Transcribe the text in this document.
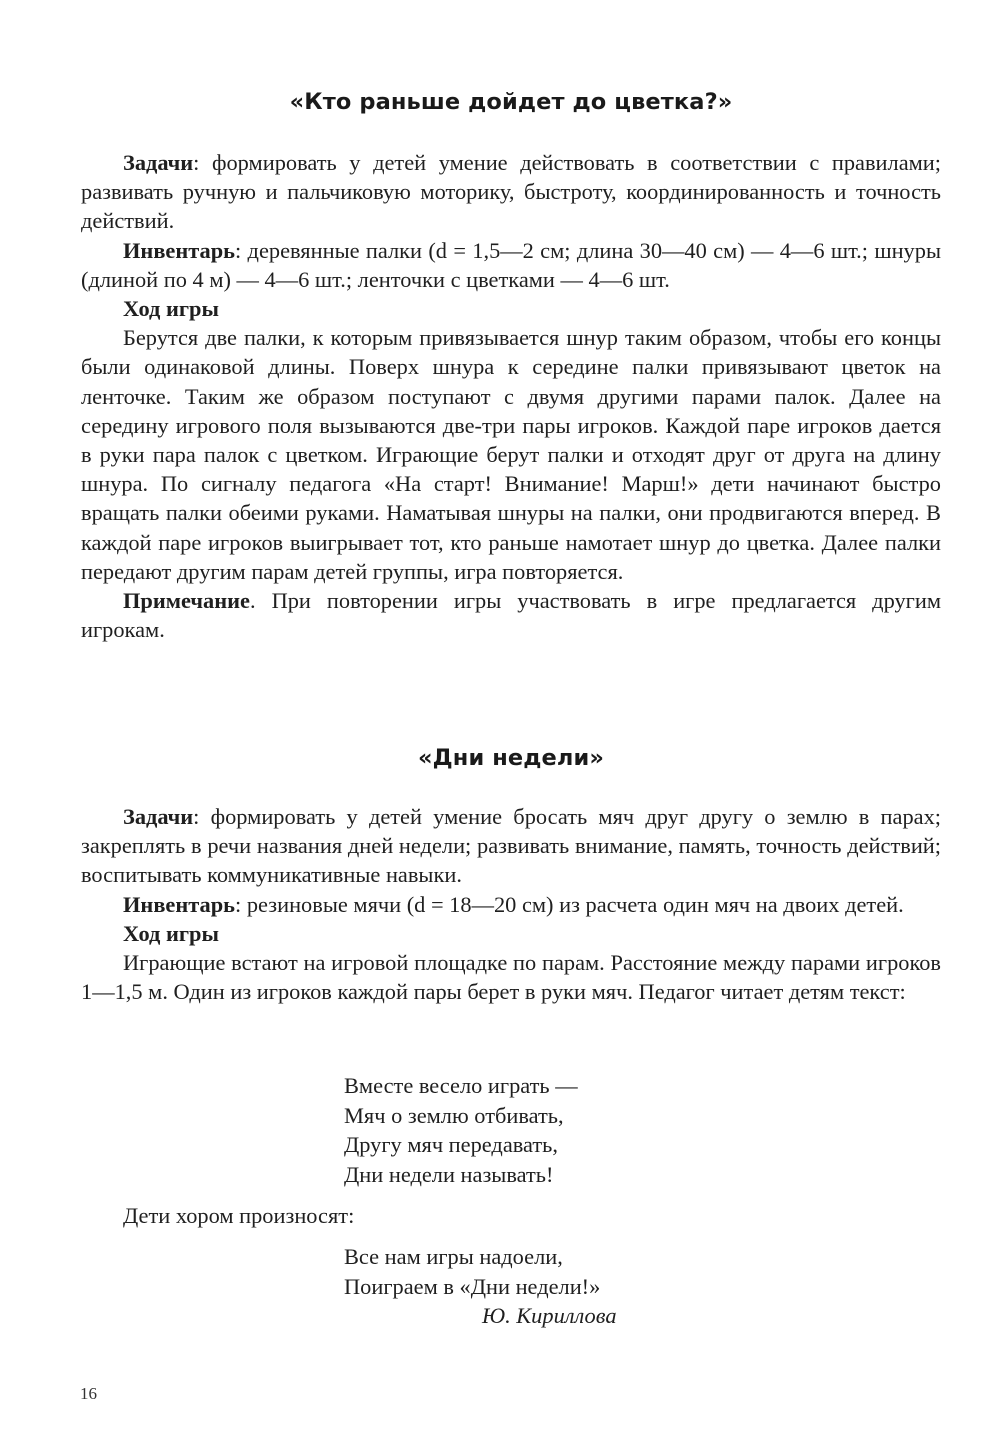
«Кто раньше дойдет до цветка?»

Задачи: формировать у детей умение действовать в соответствии с правилами; развивать ручную и пальчиковую моторику, быстроту, координированность и точность действий.

Инвентарь: деревянные палки (d = 1,5—2 см; длина 30—40 см) — 4—6 шт.; шнуры (длиной по 4 м) — 4—6 шт.; ленточки с цветками — 4—6 шт.

Ход игры

Берутся две палки, к которым привязывается шнур таким образом, чтобы его концы были одинаковой длины. Поверх шнура к середине палки привязывают цветок на ленточке. Таким же образом поступают с двумя другими парами палок. Далее на середину игрового поля вызываются две-три пары игроков. Каждой паре игроков дается в руки пара палок с цветком. Играющие берут палки и отходят друг от друга на длину шнура. По сигналу педагога «На старт! Внимание! Марш!» дети начинают быстро вращать палки обеими руками. Наматывая шнуры на палки, они продвигаются вперед. В каждой паре игроков выигрывает тот, кто раньше намотает шнур до цветка. Далее палки передают другим парам детей группы, игра повторяется.

Примечание. При повторении игры участвовать в игре предлагается другим игрокам.

«Дни недели»

Задачи: формировать у детей умение бросать мяч друг другу о землю в парах; закреплять в речи названия дней недели; развивать внимание, память, точность действий; воспитывать коммуникативные навыки.

Инвентарь: резиновые мячи (d = 18—20 см) из расчета один мяч на двоих детей.

Ход игры

Играющие встают на игровой площадке по парам. Расстояние между парами игроков 1—1,5 м. Один из игроков каждой пары берет в руки мяч. Педагог читает детям текст:

Вместе весело играть —
Мяч о землю отбивать,
Другу мяч передавать,
Дни недели называть!

Дети хором произносят:

Все нам игры надоели,
Поиграем в «Дни недели!»
Ю. Кириллова
16
